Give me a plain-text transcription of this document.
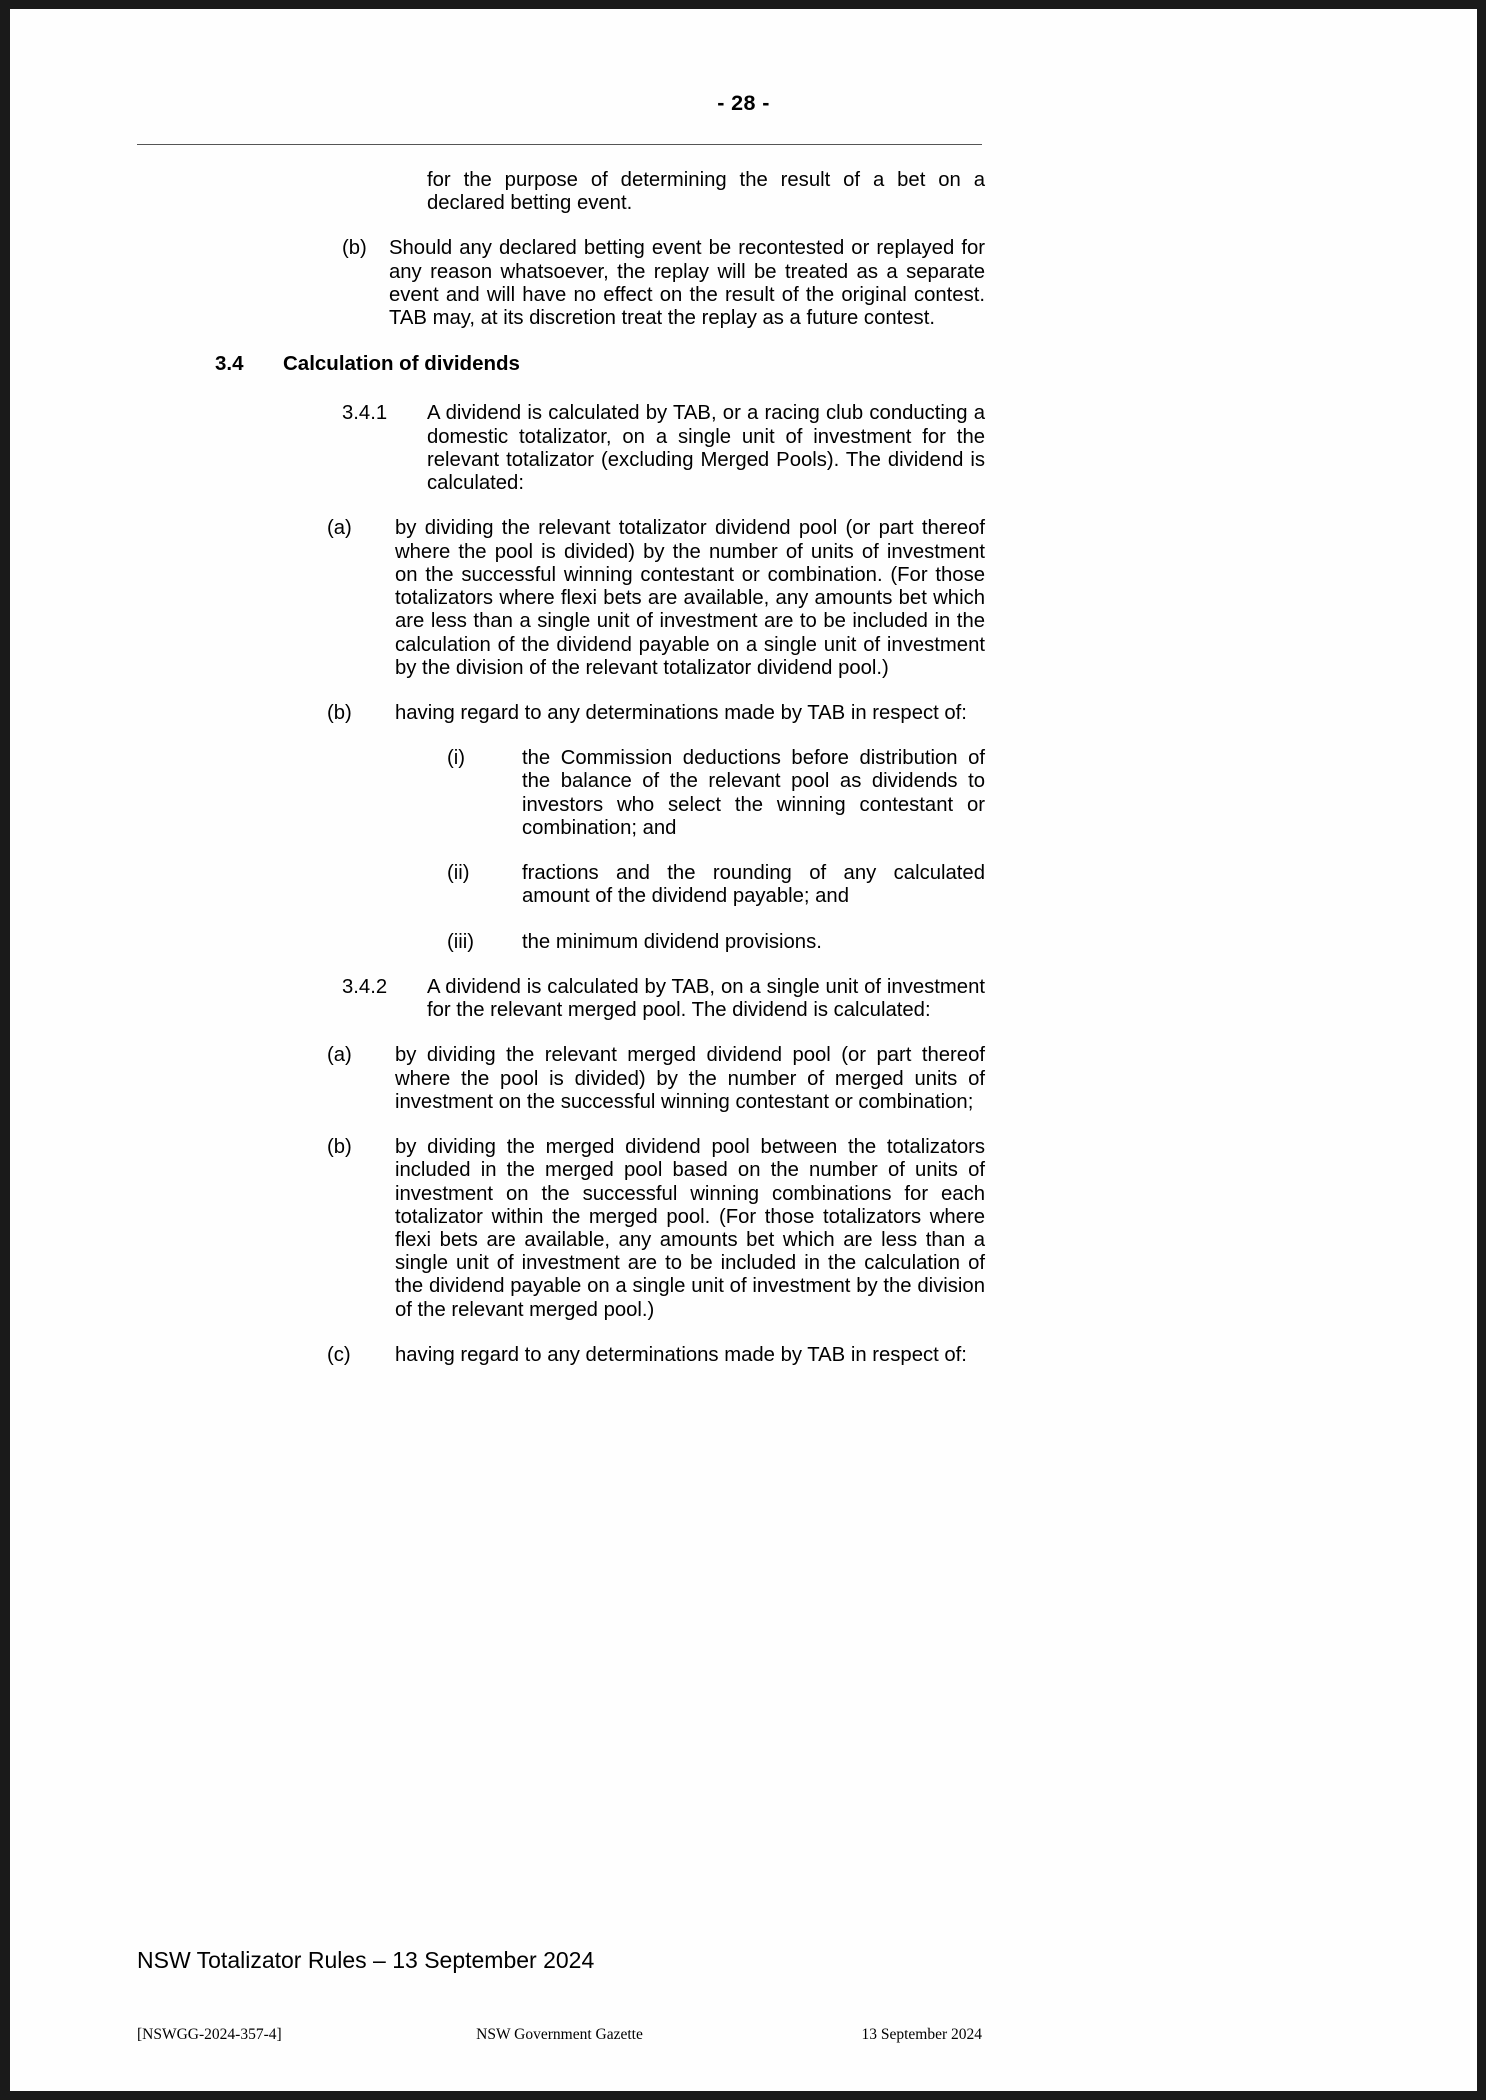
- 28 -
for the purpose of determining the result of a bet on a declared betting event.
(b)	Should any declared betting event be recontested or replayed for any reason whatsoever, the replay will be treated as a separate event and will have no effect on the result of the original contest. TAB may, at its discretion treat the replay as a future contest.
3.4	Calculation of dividends
3.4.1	A dividend is calculated by TAB, or a racing club conducting a domestic totalizator, on a single unit of investment for the relevant totalizator (excluding Merged Pools). The dividend is calculated:
(a)	by dividing the relevant totalizator dividend pool (or part thereof where the pool is divided) by the number of units of investment on the successful winning contestant or combination. (For those totalizators where flexi bets are available, any amounts bet which are less than a single unit of investment are to be included in the calculation of the dividend payable on a single unit of investment by the division of the relevant totalizator dividend pool.)
(b)	having regard to any determinations made by TAB in respect of:
(i)	the Commission deductions before distribution of the balance of the relevant pool as dividends to investors who select the winning contestant or combination; and
(ii)	fractions and the rounding of any calculated amount of the dividend payable; and
(iii)	the minimum dividend provisions.
3.4.2	A dividend is calculated by TAB, on a single unit of investment for the relevant merged pool. The dividend is calculated:
(a)	by dividing the relevant merged dividend pool (or part thereof where the pool is divided) by the number of merged units of investment on the successful winning contestant or combination;
(b)	by dividing the merged dividend pool between the totalizators included in the merged pool based on the number of units of investment on the successful winning combinations for each totalizator within the merged pool. (For those totalizators where flexi bets are available, any amounts bet which are less than a single unit of investment are to be included in the calculation of the dividend payable on a single unit of investment by the division of the relevant merged pool.)
(c)	having regard to any determinations made by TAB in respect of:
NSW Totalizator Rules – 13 September 2024
[NSWGG-2024-357-4]	NSW Government Gazette	13 September 2024
